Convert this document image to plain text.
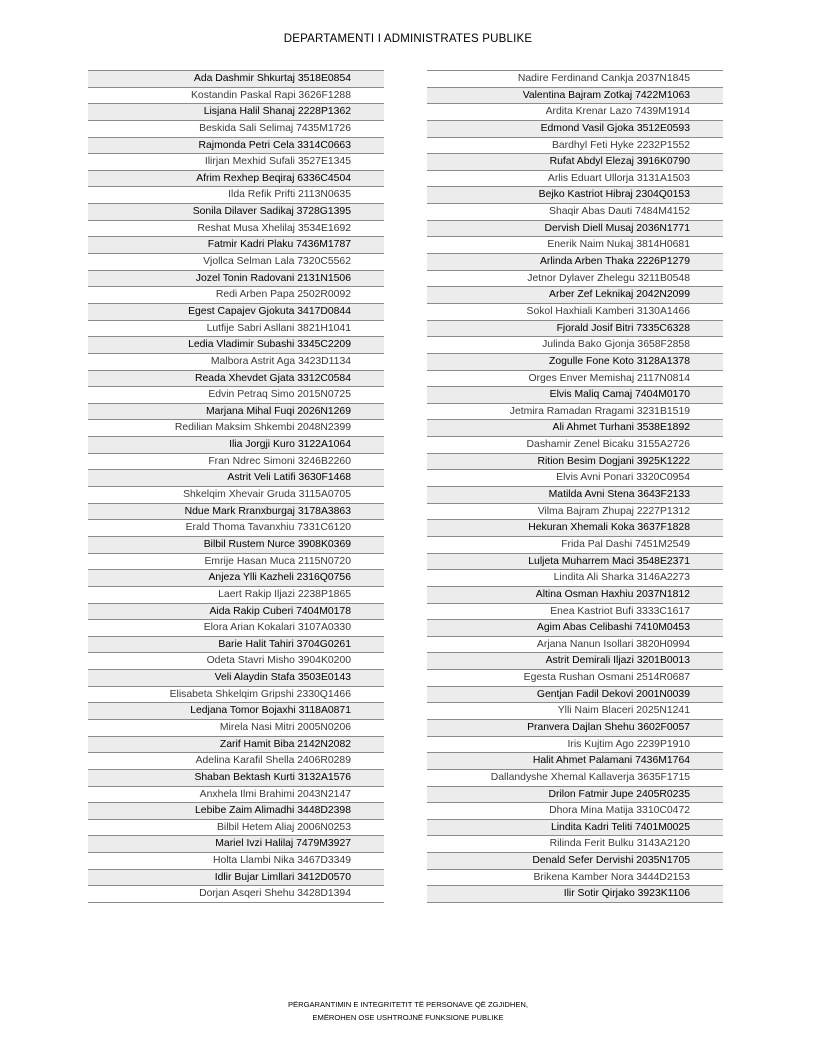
DEPARTAMENTI I ADMINISTRATES PUBLIKE
Ada Dashmir Shkurtaj 3518E0854
Kostandin Paskal Rapi 3626F1288
Lisjana Halil Shanaj 2228P1362
Beskida Sali Selimaj 7435M1726
Rajmonda Petri Cela 3314C0663
Ilirjan Mexhid Sufali 3527E1345
Afrim Rexhep Beqiraj 6336C4504
Ilda Refik Prifti 2113N0635
Sonila Dilaver Sadikaj 3728G1395
Reshat Musa Xhelilaj 3534E1692
Fatmir Kadri Plaku 7436M1787
Vjollca Selman Lala 7320C5562
Jozel Tonin Radovani 2131N1506
Redi Arben Papa 2502R0092
Egest Capajev Gjokuta 3417D0844
Lutfije Sabri Asllani 3821H1041
Ledia Vladimir Subashi 3345C2209
Malbora Astrit Aga 3423D1134
Reada Xhevdet Gjata 3312C0584
Edvin Petraq Simo 2015N0725
Marjana Mihal Fuqi 2026N1269
Redilian Maksim Shkembi 2048N2399
Ilia Jorgji Kuro 3122A1064
Fran Ndrec Simoni 3246B2260
Astrit Veli Latifi 3630F1468
Shkelqim Xhevair Gruda 3115A0705
Ndue Mark Rranxburgaj 3178A3863
Erald Thoma Tavanxhiu 7331C6120
Bilbil Rustem Nurce 3908K0369
Emrije Hasan Muca 2115N0720
Anjeza Ylli Kazheli 2316Q0756
Laert Rakip Iljazi 2238P1865
Aida Rakip Cuberi 7404M0178
Elora Arian Kokalari 3107A0330
Barie Halit Tahiri 3704G0261
Odeta Stavri Misho 3904K0200
Veli Alaydin Stafa 3503E0143
Elisabeta Shkelqim Gripshi 2330Q1466
Ledjana Tomor Bojaxhi 3118A0871
Mirela Nasi Mitri 2005N0206
Zarif Hamit Biba 2142N2082
Adelina Karafil Shella 2406R0289
Shaban Bektash Kurti 3132A1576
Anxhela Ilmi Brahimi 2043N2147
Lebibe Zaim Alimadhi 3448D2398
Bilbil Hetem Aliaj 2006N0253
Mariel Ivzi Halilaj 7479M3927
Holta Llambi Nika 3467D3349
Idlir Bujar Limllari 3412D0570
Dorjan Asqeri Shehu 3428D1394
Nadire Ferdinand Cankja 2037N1845
Valentina Bajram Zotkaj 7422M1063
Ardita Krenar Lazo 7439M1914
Edmond Vasil Gjoka 3512E0593
Bardhyl Feti Hyke 2232P1552
Rufat Abdyl Elezaj 3916K0790
Arlis Eduart Ullorja 3131A1503
Bejko Kastriot Hibraj 2304Q0153
Shaqir Abas Dauti 7484M4152
Dervish Diell Musaj 2036N1771
Enerik Naim Nukaj 3814H0681
Arlinda Arben Thaka 2226P1279
Jetnor Dylaver Zhelegu 3211B0548
Arber Zef Leknikaj 2042N2099
Sokol Haxhiali Kamberi 3130A1466
Fjorald Josif Bitri 7335C6328
Julinda Bako Gjonja 3658F2858
Zogulle Fone Koto 3128A1378
Orges Enver Memishaj 2117N0814
Elvis Maliq Camaj 7404M0170
Jetmira Ramadan Rragami 3231B1519
Ali Ahmet Turhani 3538E1892
Dashamir Zenel Bicaku 3155A2726
Rition Besim Dogjani 3925K1222
Elvis Avni Ponari 3320C0954
Matilda Avni Stena 3643F2133
Vilma Bajram Zhupaj 2227P1312
Hekuran Xhemali Koka 3637F1828
Frida Pal Dashi 7451M2549
Luljeta Muharrem Maci 3548E2371
Lindita Ali Sharka 3146A2273
Altina Osman Haxhiu 2037N1812
Enea Kastriot Bufi 3333C1617
Agim Abas Celibashi 7410M0453
Arjana Nanun Isollari 3820H0994
Astrit Demirali Iljazi 3201B0013
Egesta Rushan Osmani 2514R0687
Gentjan Fadil Dekovi 2001N0039
Ylli Naim Blaceri 2025N1241
Pranvera Dajlan Shehu 3602F0057
Iris Kujtim Ago 2239P1910
Halit Ahmet Palamani 7436M1764
Dallandyshe Xhemal Kallaverja 3635F1715
Drilon Fatmir Jupe 2405R0235
Dhora Mina Matija 3310C0472
Lindita Kadri Teliti 7401M0025
Rilinda Ferit Bulku 3143A2120
Denald Sefer Dervishi 2035N1705
Brikena Kamber Nora 3444D2153
Ilir Sotir Qirjako 3923K1106
PËRGARANTIMIN E INTEGRITETIT TË PERSONAVE QË ZGJIDHEN,
EMËROHEN OSE USHTROJNË FUNKSIONE PUBLIKE
